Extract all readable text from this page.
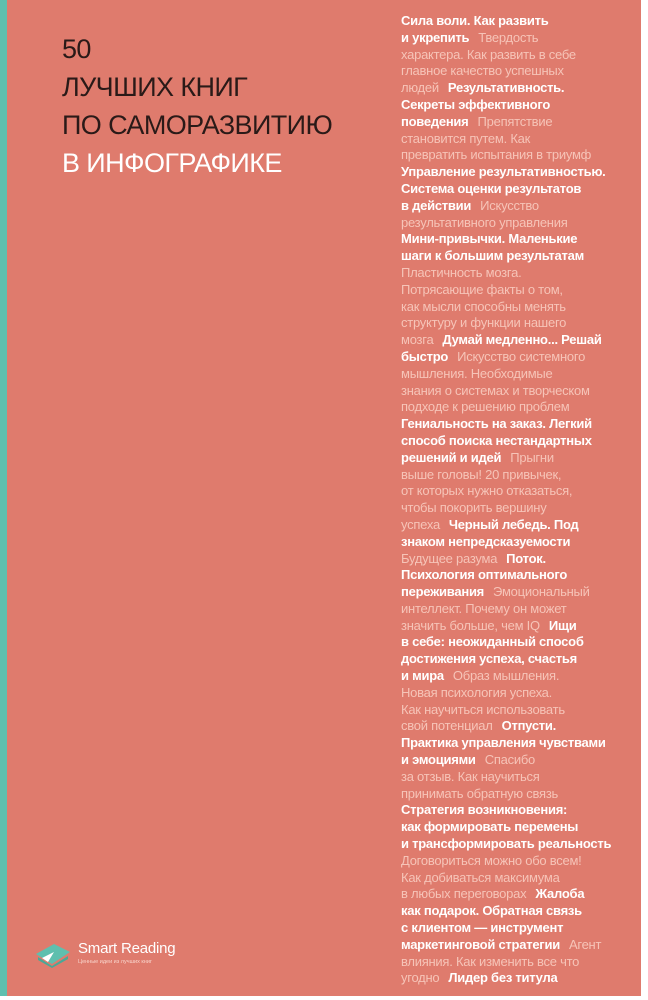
50
ЛУЧШИХ КНИГ
ПО САМОРАЗВИТИЮ
В ИНФОГРАФИКЕ
Сила воли. Как развить
и укрепить Твердость
характера. Как развить в себе
главное качество успешных
людей Результативность.
Секреты эффективного
поведения Препятствие
становится путем. Как
превратить испытания в триумф
Управление результативностью.
Система оценки результатов
в действии Искусство
результативного управления
Мини-привычки. Маленькие
шаги к большим результатам
Пластичность мозга.
Потрясающие факты о том,
как мысли способны менять
структуру и функции нашего
мозга Думай медленно... Решай
быстро Искусство системного
мышления. Необходимые
знания о системах и творческом
подходе к решению проблем
Гениальность на заказ. Легкий
способ поиска нестандартных
решений и идей Прыгни
выше головы! 20 привычек,
от которых нужно отказаться,
чтобы покорить вершину
успеха Черный лебедь. Под
знаком непредсказуемости
Будущее разума Поток.
Психология оптимального
переживания Эмоциональный
интеллект. Почему он может
значить больше, чем IQ Ищи
в себе: неожиданный способ
достижения успеха, счастья
и мира Образ мышления.
Новая психология успеха.
Как научиться использовать
свой потенциал Отпусти.
Практика управления чувствами
и эмоциями Спасибо
за отзыв. Как научиться
принимать обратную связь
Стратегия возникновения:
как формировать перемены
и трансформировать реальность
Договориться можно обо всем!
Как добиваться максимума
в любых переговорах Жалоба
как подарок. Обратная связь
с клиентом — инструмент
маркетинговой стратегии Агент
влияния. Как изменить все что
угодно Лидер без титула
Smart Reading
Ценные идеи из лучших книг
